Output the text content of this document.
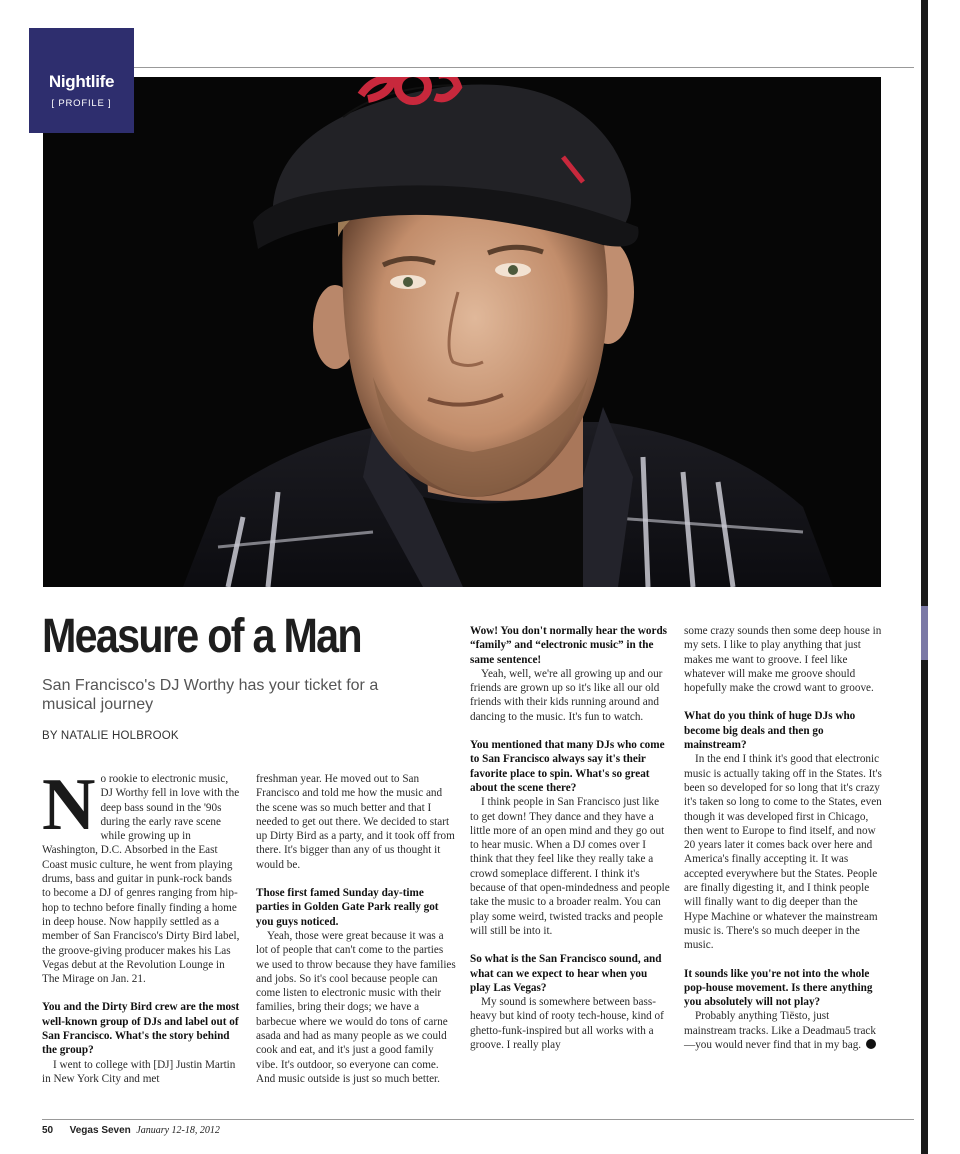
Nightlife
[ PROFILE ]
Measure of a Man
San Francisco's DJ Worthy has your ticket for a musical journey
BY NATALIE HOLBROOK

No rookie to electronic music, DJ Worthy fell in love with the deep bass sound in the '90s during the early rave scene while growing up in Washington, D.C. Absorbed in the East Coast music culture, he went from playing drums, bass and guitar in punk-rock bands to become a DJ of genres ranging from hip-hop to techno before finally finding a home in deep house. Now happily settled as a member of San Francisco's Dirty Bird label, the groove-giving producer makes his Las Vegas debut at the Revolution Lounge in The Mirage on Jan. 21.

You and the Dirty Bird crew are the most well-known group of DJs and label out of San Francisco. What's the story behind the group?

I went to college with [DJ] Justin Martin in New York City and met

freshman year. He moved out to San Francisco and told me how the music and the scene was so much better and that I needed to get out there. We decided to start up Dirty Bird as a party, and it took off from there. It's bigger than any of us thought it would be.

Those first famed Sunday day-time parties in Golden Gate Park really got you guys noticed.

Yeah, those were great because it was a lot of people that can't come to the parties we used to throw because they have families and jobs. So it's cool because people can come listen to electronic music with their families, bring their dogs; we have a barbecue where we would do tons of carne asada and had as many people as we could cook and eat, and it's just a good family vibe. It's outdoor, so everyone can come. And music outside is just so much better.

Wow! You don't normally hear the words “family” and “electronic music” in the same sentence!

Yeah, well, we're all growing up and our friends are grown up so it's like all our old friends with their kids running around and dancing to the music. It's fun to watch.

You mentioned that many DJs who come to San Francisco always say it's their favorite place to spin. What's so great about the scene there?

I think people in San Francisco just like to get down! They dance and they have a little more of an open mind and they go out to hear music. When a DJ comes over I think that they feel like they really take a crowd someplace different. I think it's because of that open-mindedness and people take the music to a broader realm. You can play some weird, twisted tracks and people will still be into it.

So what is the San Francisco sound, and what can we expect to hear when you play Las Vegas?

My sound is somewhere between bass-heavy but kind of rooty tech-house, kind of ghetto-funk-inspired but all works with a groove. I really play

some crazy sounds then some deep house in my sets. I like to play anything that just makes me want to groove. I feel like whatever will make me groove should hopefully make the crowd want to groove.

What do you think of huge DJs who become big deals and then go mainstream?

In the end I think it's good that electronic music is actually taking off in the States. It's been so developed for so long that it's crazy it's taken so long to come to the States, even though it was developed first in Chicago, then went to Europe to find itself, and now 20 years later it comes back over here and America's finally accepting it. It was accepted everywhere but the States. People are finally digesting it, and I think people will finally want to dig deeper than the Hype Machine or whatever the mainstream music is. There's so much deeper in the music.

It sounds like you're not into the whole pop-house movement. Is there anything you absolutely will not play?

Probably anything Tiësto, just mainstream tracks. Like a Deadmau5 track—you would never find that in my bag.

50 Vegas Seven January 12-18, 2012
